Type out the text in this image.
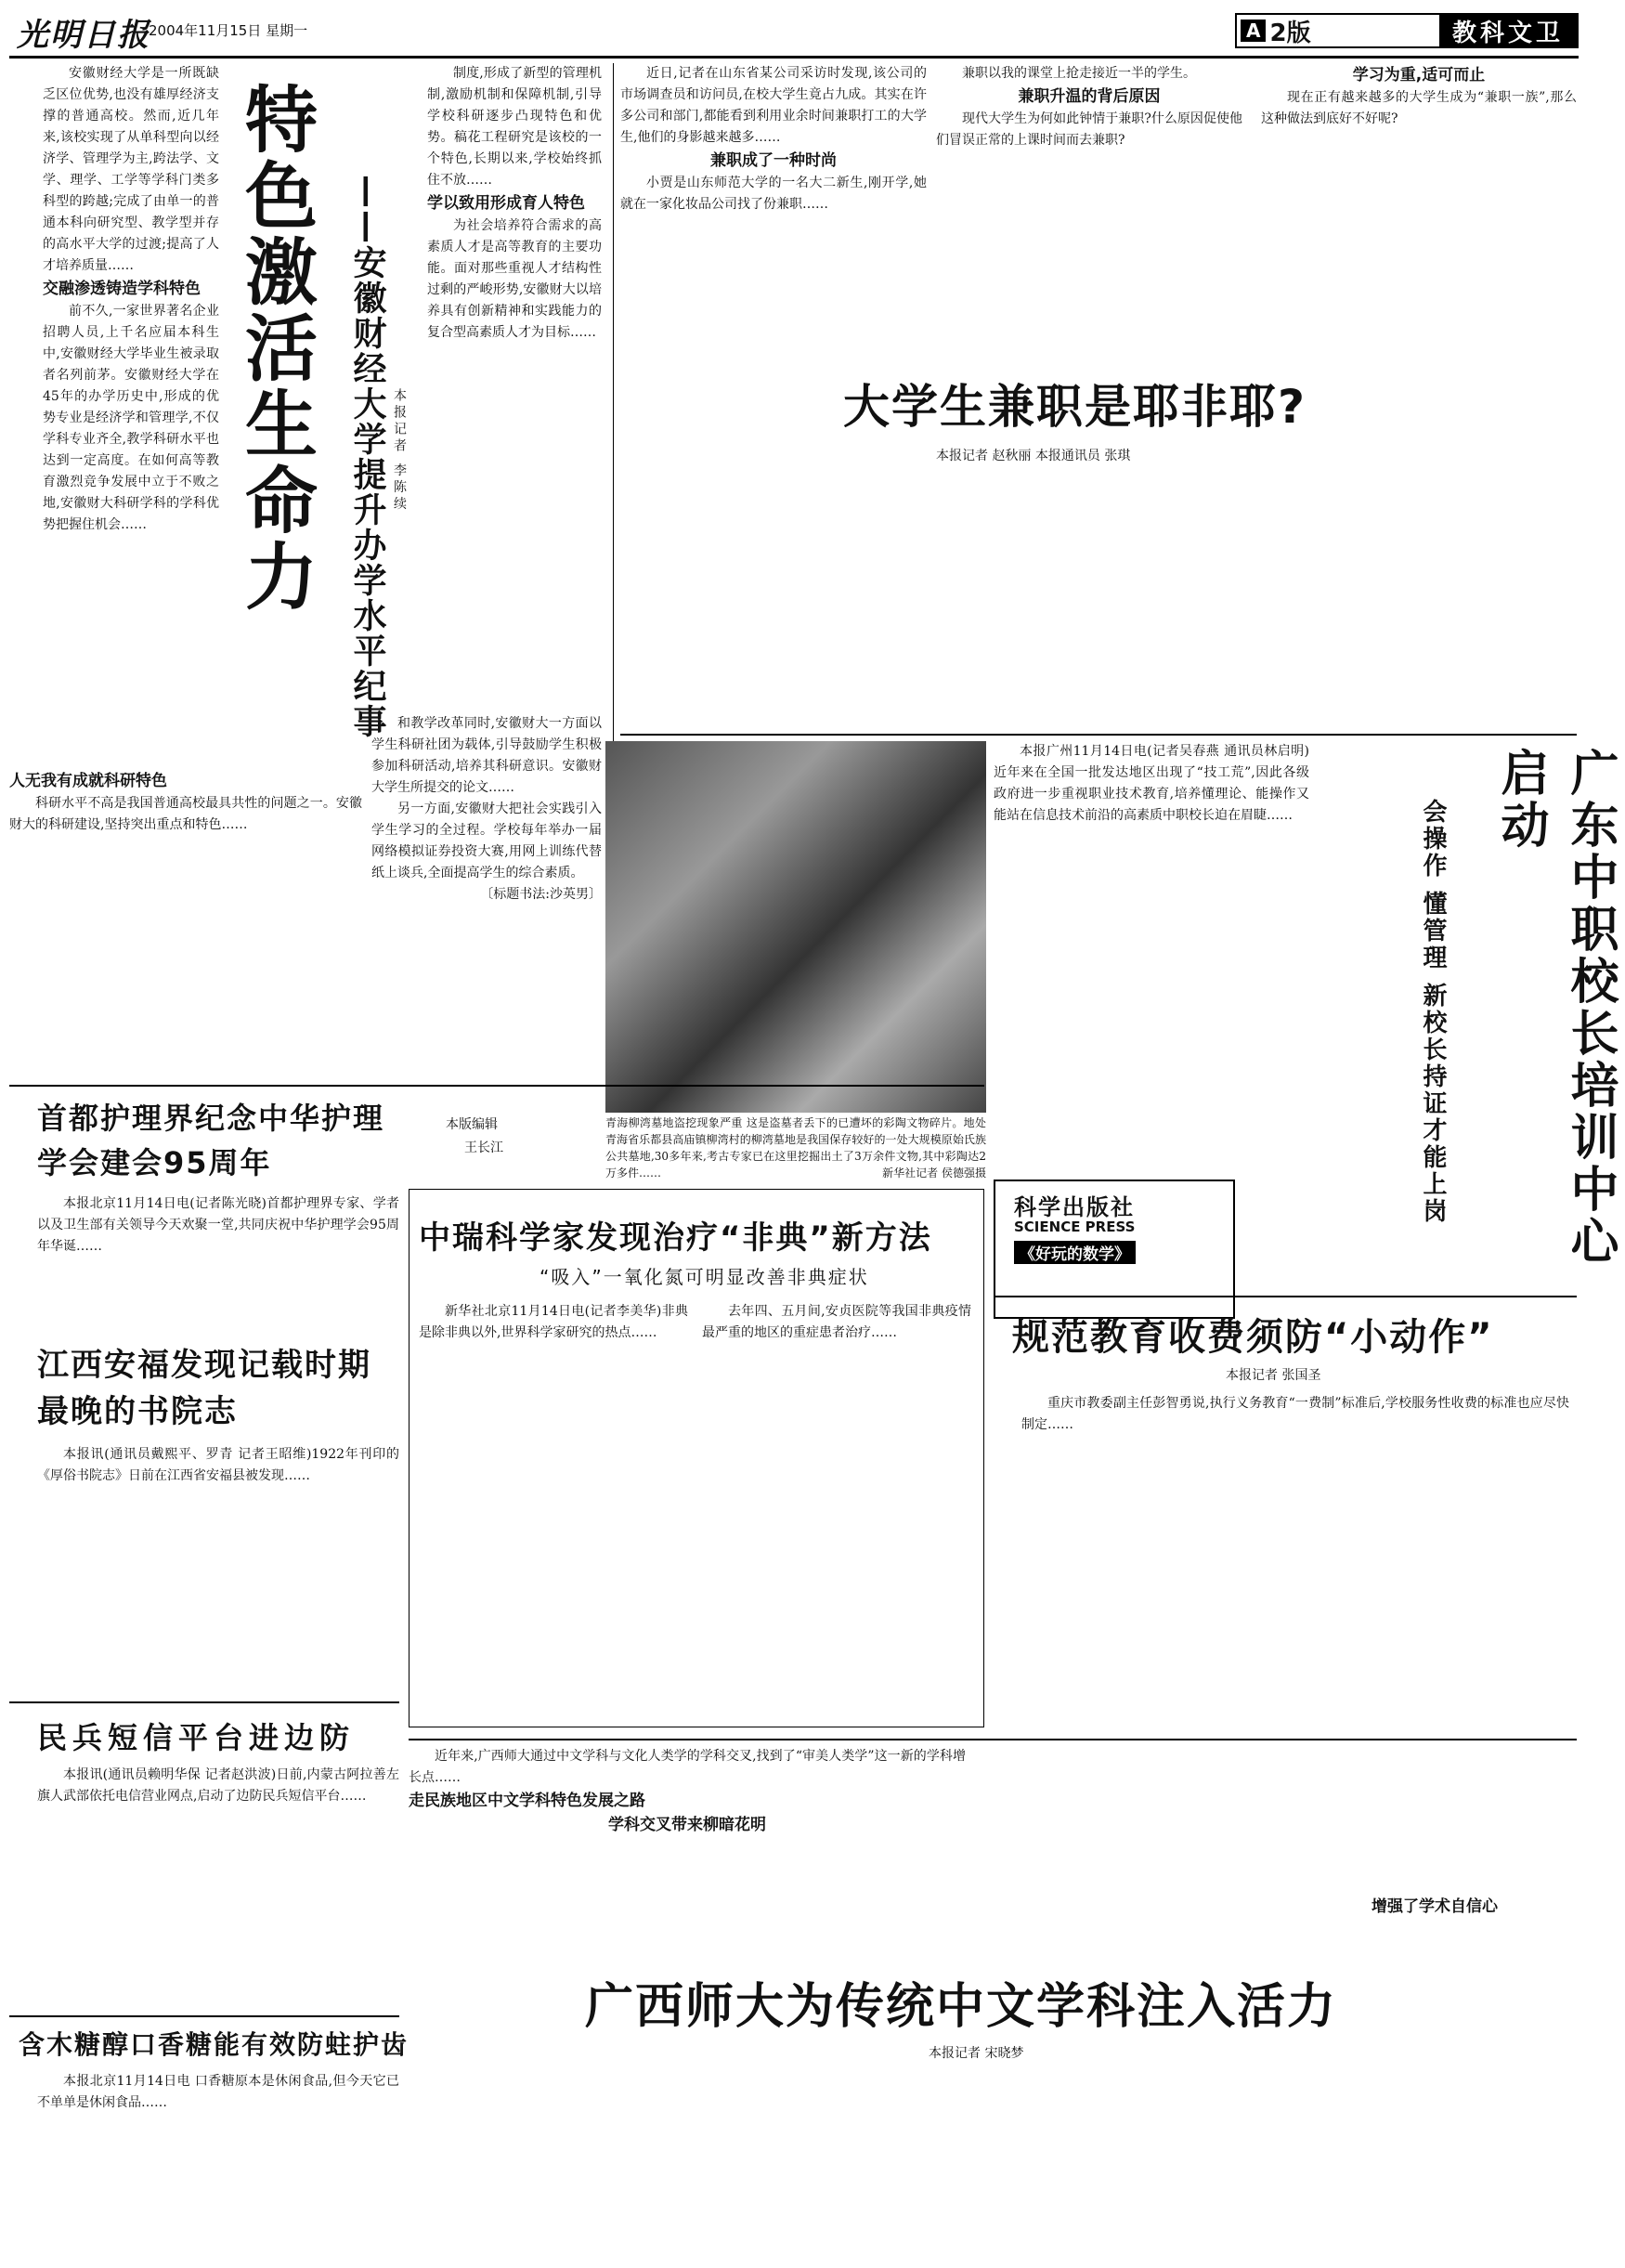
光明日报
2004年11月15日 星期一	A 2版	教科文卫
特色激活生命力 ——安徽财经大学提升办学水平纪事 本报记者 李陈续

安徽财经大学是一所既缺乏区位优势,也没有雄厚经济支撑的普通高校。然而,近几年来,该校实现了从单科型向以经济学、管理学为主,跨法学、文学、理学、工学等学科门类多科型的跨越;完成了由单一的普通本科向研究型、教学型并存的高水平大学的过渡;提高了人才培养质量……

交融渗透铸造学科特色

前不久,一家世界著名企业招聘人员,上千名应届本科生中,安徽财经大学毕业生被录取者名列前茅。安徽财经大学在45年的办学历史中,形成的优势专业是经济学和管理学,不仅学科专业齐全,教学科研水平也达到一定高度。在如何高等教育激烈竞争发展中立于不败之地,安徽财大科研学科的学科优势把握住机会……

人无我有成就科研特色

科研水平不高是我国普通高校最具共性的问题之一。安徽财大的科研建设,坚持突出重点和特色……

制度,形成了新型的管理机制,激励机制和保障机制,引导学校科研逐步凸现特色和优势。稿花工程研究是该校的一个特色,长期以来,学校始终抓住不放……

学以致用形成育人特色

为社会培养符合需求的高素质人才是高等教育的主要功能。面对那些重视人才结构性过剩的严峻形势,安徽财大以培养具有创新精神和实践能力的复合型高素质人才为目标……

和教学改革同时,安徽财大一方面以学生科研社团为载体,引导鼓励学生积极参加科研活动,培养其科研意识。安徽财大学生所提交的论文……

另一方面,安徽财大把社会实践引入学生学习的全过程。学校每年举办一届网络模拟证券投资大赛,用网上训练代替纸上谈兵,全面提高学生的综合素质。

〔标题书法:沙英男〕

近日,记者在山东省某公司采访时发现,该公司的市场调查员和访问员,在校大学生竟占九成。其实在许多公司和部门,都能看到利用业余时间兼职打工的大学生,他们的身影越来越多……

兼职成了一种时尚

小贾是山东师范大学的一名大二新生,刚开学,她就在一家化妆品公司找了份兼职……

兼职以我的课堂上抢走接近一半的学生。

兼职升温的背后原因

现代大学生为何如此钟情于兼职?什么原因促使他们冒误正常的上课时间而去兼职?

学习为重,适可而止

现在正有越来越多的大学生成为“兼职一族”,那么这种做法到底好不好呢?

大学生兼职是耶非耶?
本报记者 赵秋丽 本报通讯员 张琪
青海柳湾墓地盗挖现象严重 这是盗墓者丢下的已遭坏的彩陶文物碎片。地处青海省乐都县高庙镇柳湾村的柳湾墓地是我国保存较好的一处大规模原始氏族公共墓地,30多年来,考古专家已在这里挖掘出土了3万余件文物,其中彩陶达2万多件……	新华社记者 侯德强摄

本报广州11月14日电(记者吴春燕 通讯员林启明)近年来在全国一批发达地区出现了“技工荒”,因此各级政府进一步重视职业技术教育,培养懂理论、能操作又能站在信息技术前沿的高素质中职校长迫在眉睫……	广东中职校长培训中心启动
会操作 懂管理 新校长持证才能上岗
首都护理界纪念中华护理学会建会95周年

本报北京11月14日电(记者陈光晓)首都护理界专家、学者以及卫生部有关领导今天欢聚一堂,共同庆祝中华护理学会95周年华诞……

本版编辑
王长江
中瑞科学家发现治疗“非典”新方法
“吸入”一氧化氮可明显改善非典症状

新华社北京11月14日电(记者李美华)非典是除非典以外,世界科学家研究的热点……

去年四、五月间,安贞医院等我国非典疫情最严重的地区的重症患者治疗……

科学出版社
SCIENCE PRESS
《好玩的数学》
江西安福发现记载时期最晚的书院志

本报讯(通讯员戴熙平、罗青 记者王昭维)1922年刊印的《厚俗书院志》日前在江西省安福县被发现……

规范教育收费须防“小动作”
本报记者 张国圣

重庆市教委副主任彭智勇说,执行义务教育“一费制”标准后,学校服务性收费的标准也应尽快制定……

民兵短信平台进边防

本报讯(通讯员赖明华保 记者赵洪波)日前,内蒙古阿拉善左旗人武部依托电信营业网点,启动了边防民兵短信平台……

含木糖醇口香糖能有效防蛀护齿

本报北京11月14日电 口香糖原本是休闲食品,但今天它已不单单是休闲食品……

近年来,广西师大通过中文学科与文化人类学的学科交叉,找到了“审美人类学”这一新的学科增长点……

走民族地区中文学科特色发展之路

学科交叉带来柳暗花明

增强了学术自信心

广西师大为传统中文学科注入活力
本报记者 宋晓梦
